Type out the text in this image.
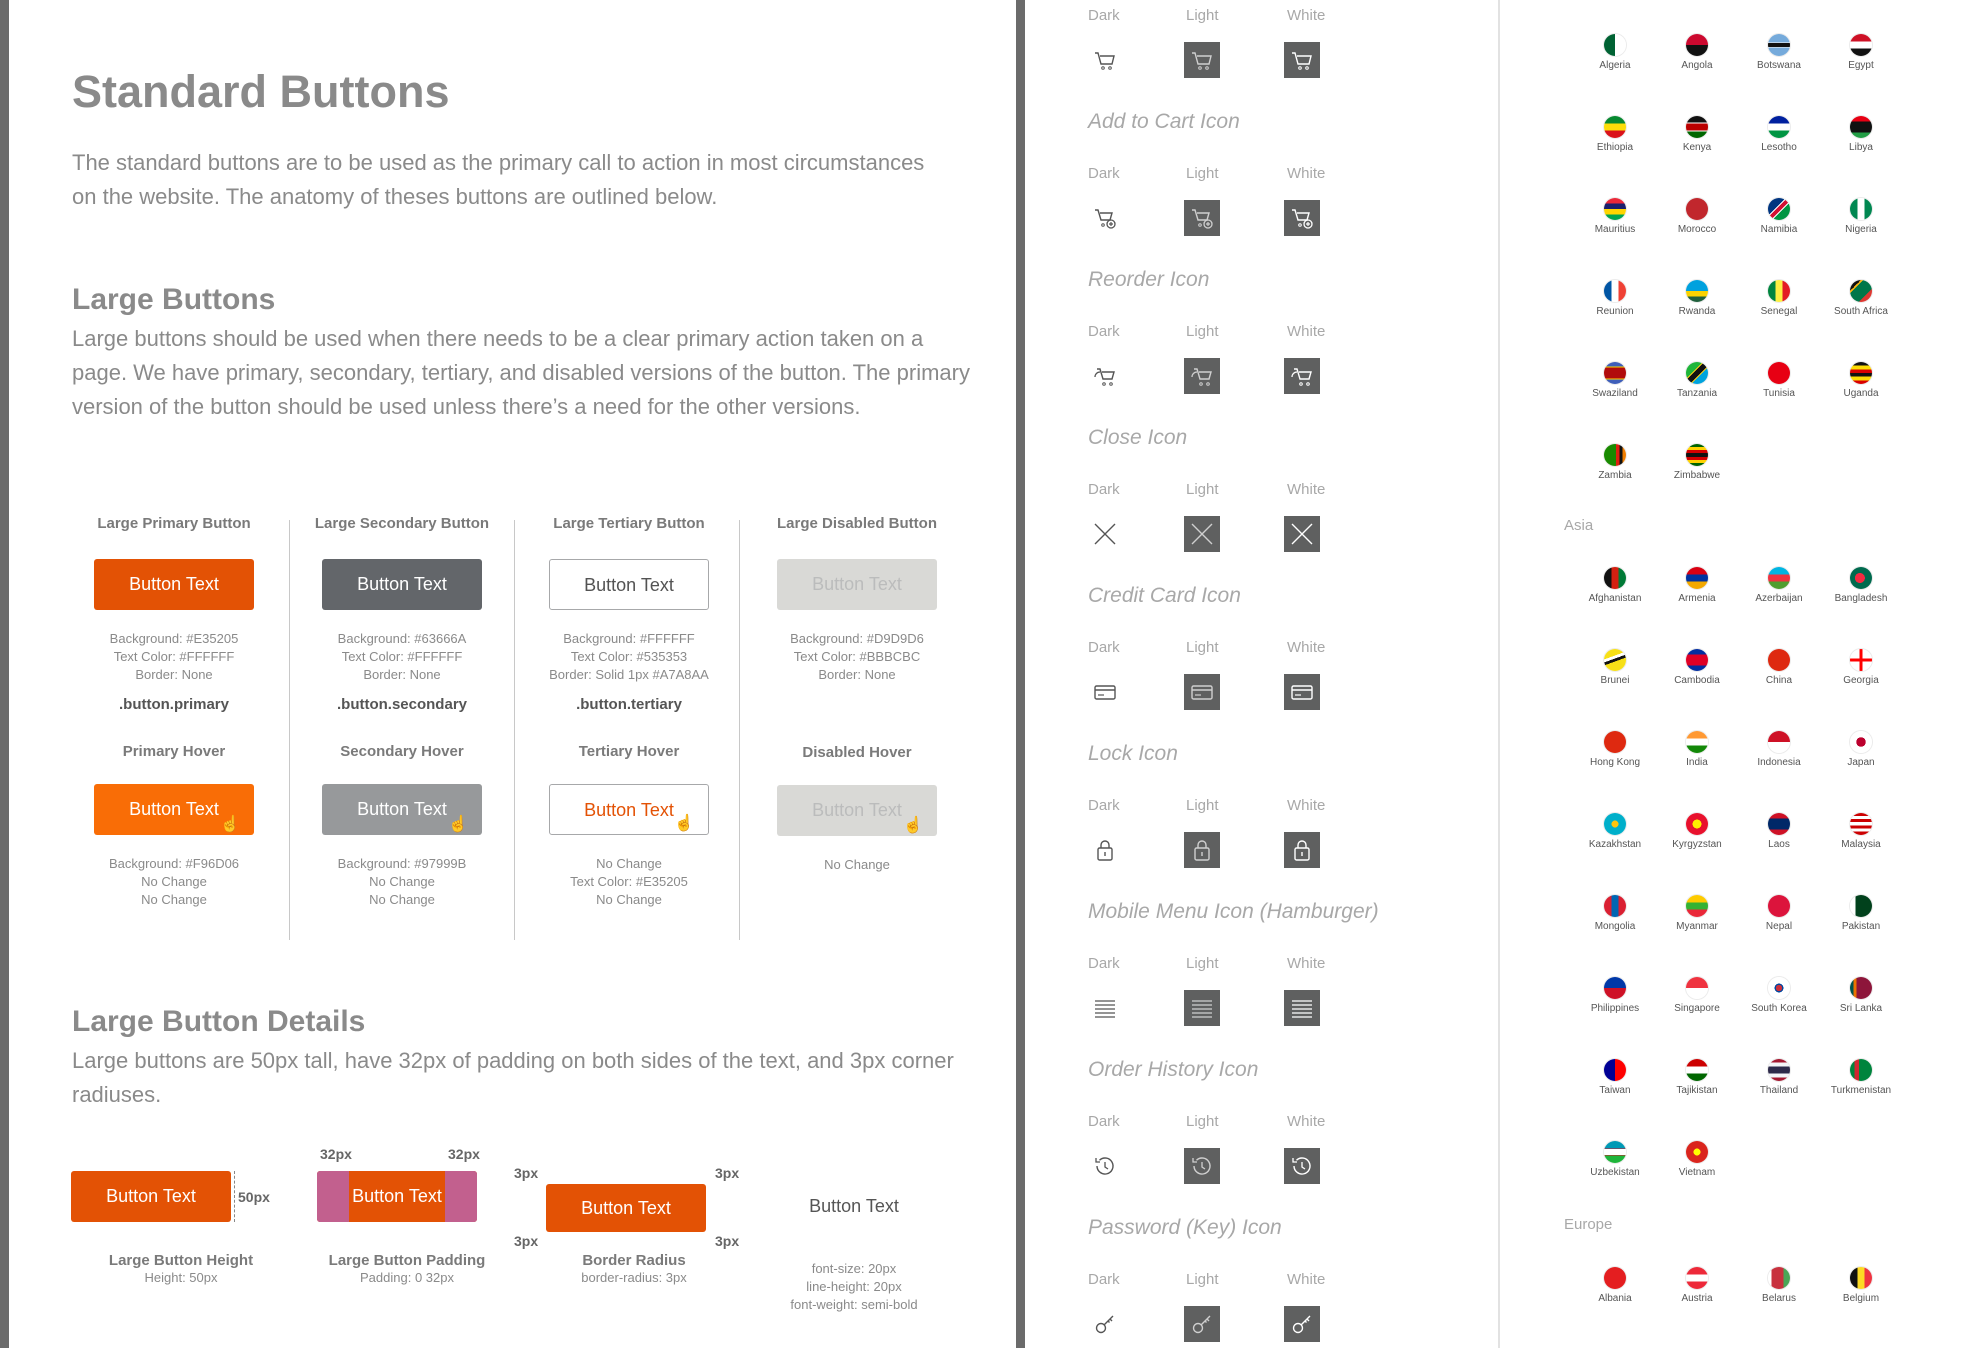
Standard Buttons
The standard buttons are to be used as the primary call to action in most circumstances on the website. The anatomy of theses buttons are outlined below.
Large Buttons
Large buttons should be used when there needs to be a clear primary action taken on a page. We have primary, secondary, tertiary, and disabled versions of the button. The primary version of the button should be used unless there’s a need for the other versions.
Large Primary Button
Button Text
Background: #E35205
Text Color: #FFFFFF
Border: None
.button.primary
Primary Hover
Button Text
☝
Background: #F96D06
No Change
No Change
Large Secondary Button
Button Text
Background: #63666A
Text Color: #FFFFFF
Border: None
.button.secondary
Secondary Hover
Button Text
☝
Background: #97999B
No Change
No Change
Large Tertiary Button
Button Text
Background: #FFFFFF
Text Color: #535353
Border: Solid 1px #A7A8AA
.button.tertiary
Tertiary Hover
Button Text
☝
No Change
Text Color: #E35205
No Change
Large Disabled Button
Button Text
Background: #D9D9D6
Text Color: #BBBCBC
Border: None
Disabled Hover
Button Text
☝
No Change
Large Button Details
Large buttons are 50px tall, have 32px of padding on both sides of the text, and 3px corner radiuses.
Button Text	50px
Large Button Height
Height: 50px
Button Text
32px	32px
Large Button Padding
Padding: 0 32px
Button Text
3px	3px
3px	3px
Border Radius
border-radius: 3px
Button Text
font-size: 20px
line-height: 20px
font-weight: semi-bold
Dark	Light	White
Add to Cart Icon
Dark	Light	White
Reorder Icon
Dark	Light	White
Close Icon
Dark	Light	White
Credit Card Icon
Dark	Light	White
Lock Icon
Dark	Light	White
Mobile Menu Icon (Hamburger)
Dark	Light	White
Order History Icon
Dark	Light	White
Password (Key) Icon
Dark	Light	White
Algeria	Angola	Botswana	Egypt
Ethiopia	Kenya	Lesotho	Libya
Mauritius	Morocco	Namibia	Nigeria
Reunion	Rwanda	Senegal	South Africa
Swaziland	Tanzania	Tunisia	Uganda
Zambia	Zimbabwe
Asia
Afghanistan	Armenia	Azerbaijan	Bangladesh
Brunei	Cambodia	China	Georgia
Hong Kong	India	Indonesia	Japan
Kazakhstan	Kyrgyzstan	Laos	Malaysia
Mongolia	Myanmar	Nepal	Pakistan
Philippines	Singapore	South Korea	Sri Lanka
Taiwan	Tajikistan	Thailand	Turkmenistan
Uzbekistan	Vietnam
Europe
Albania	Austria	Belarus	Belgium
